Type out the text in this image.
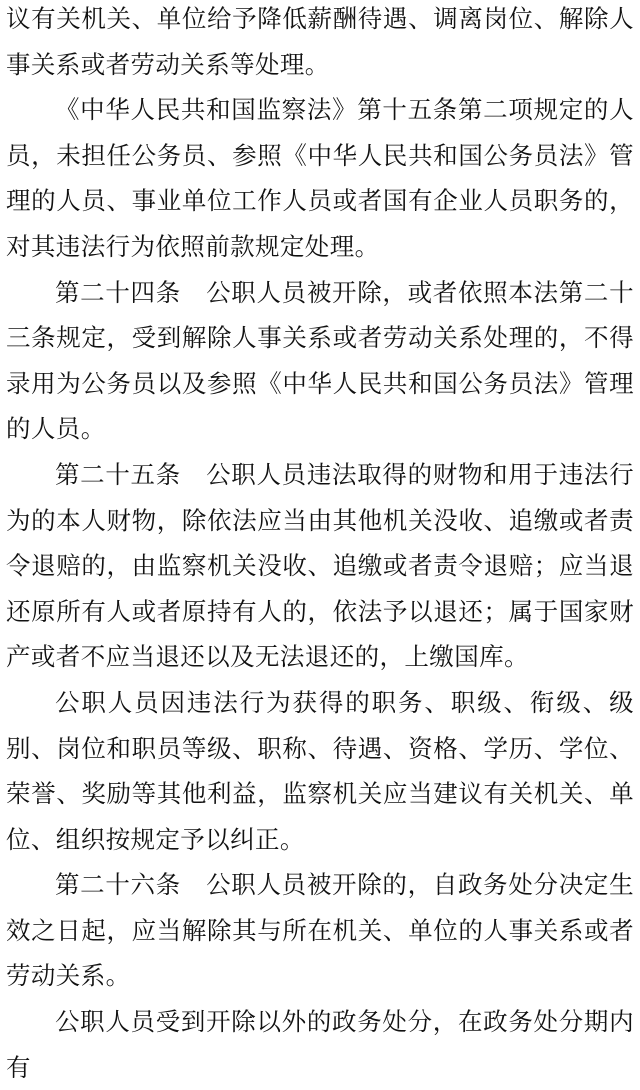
议有关机关、单位给予降低薪酬待遇、调离岗位、解除人事关系或者劳动关系等处理。

《中华人民共和国监察法》第十五条第二项规定的人员，未担任公务员、参照《中华人民共和国公务员法》管理的人员、事业单位工作人员或者国有企业人员职务的，对其违法行为依照前款规定处理。

第二十四条　公职人员被开除，或者依照本法第二十三条规定，受到解除人事关系或者劳动关系处理的，不得录用为公务员以及参照《中华人民共和国公务员法》管理的人员。

第二十五条　公职人员违法取得的财物和用于违法行为的本人财物，除依法应当由其他机关没收、追缴或者责令退赔的，由监察机关没收、追缴或者责令退赔；应当退还原所有人或者原持有人的，依法予以退还；属于国家财产或者不应当退还以及无法退还的，上缴国库。

公职人员因违法行为获得的职务、职级、衔级、级别、岗位和职员等级、职称、待遇、资格、学历、学位、荣誉、奖励等其他利益，监察机关应当建议有关机关、单位、组织按规定予以纠正。

第二十六条　公职人员被开除的，自政务处分决定生效之日起，应当解除其与所在机关、单位的人事关系或者劳动关系。

公职人员受到开除以外的政务处分，在政务处分期内有
